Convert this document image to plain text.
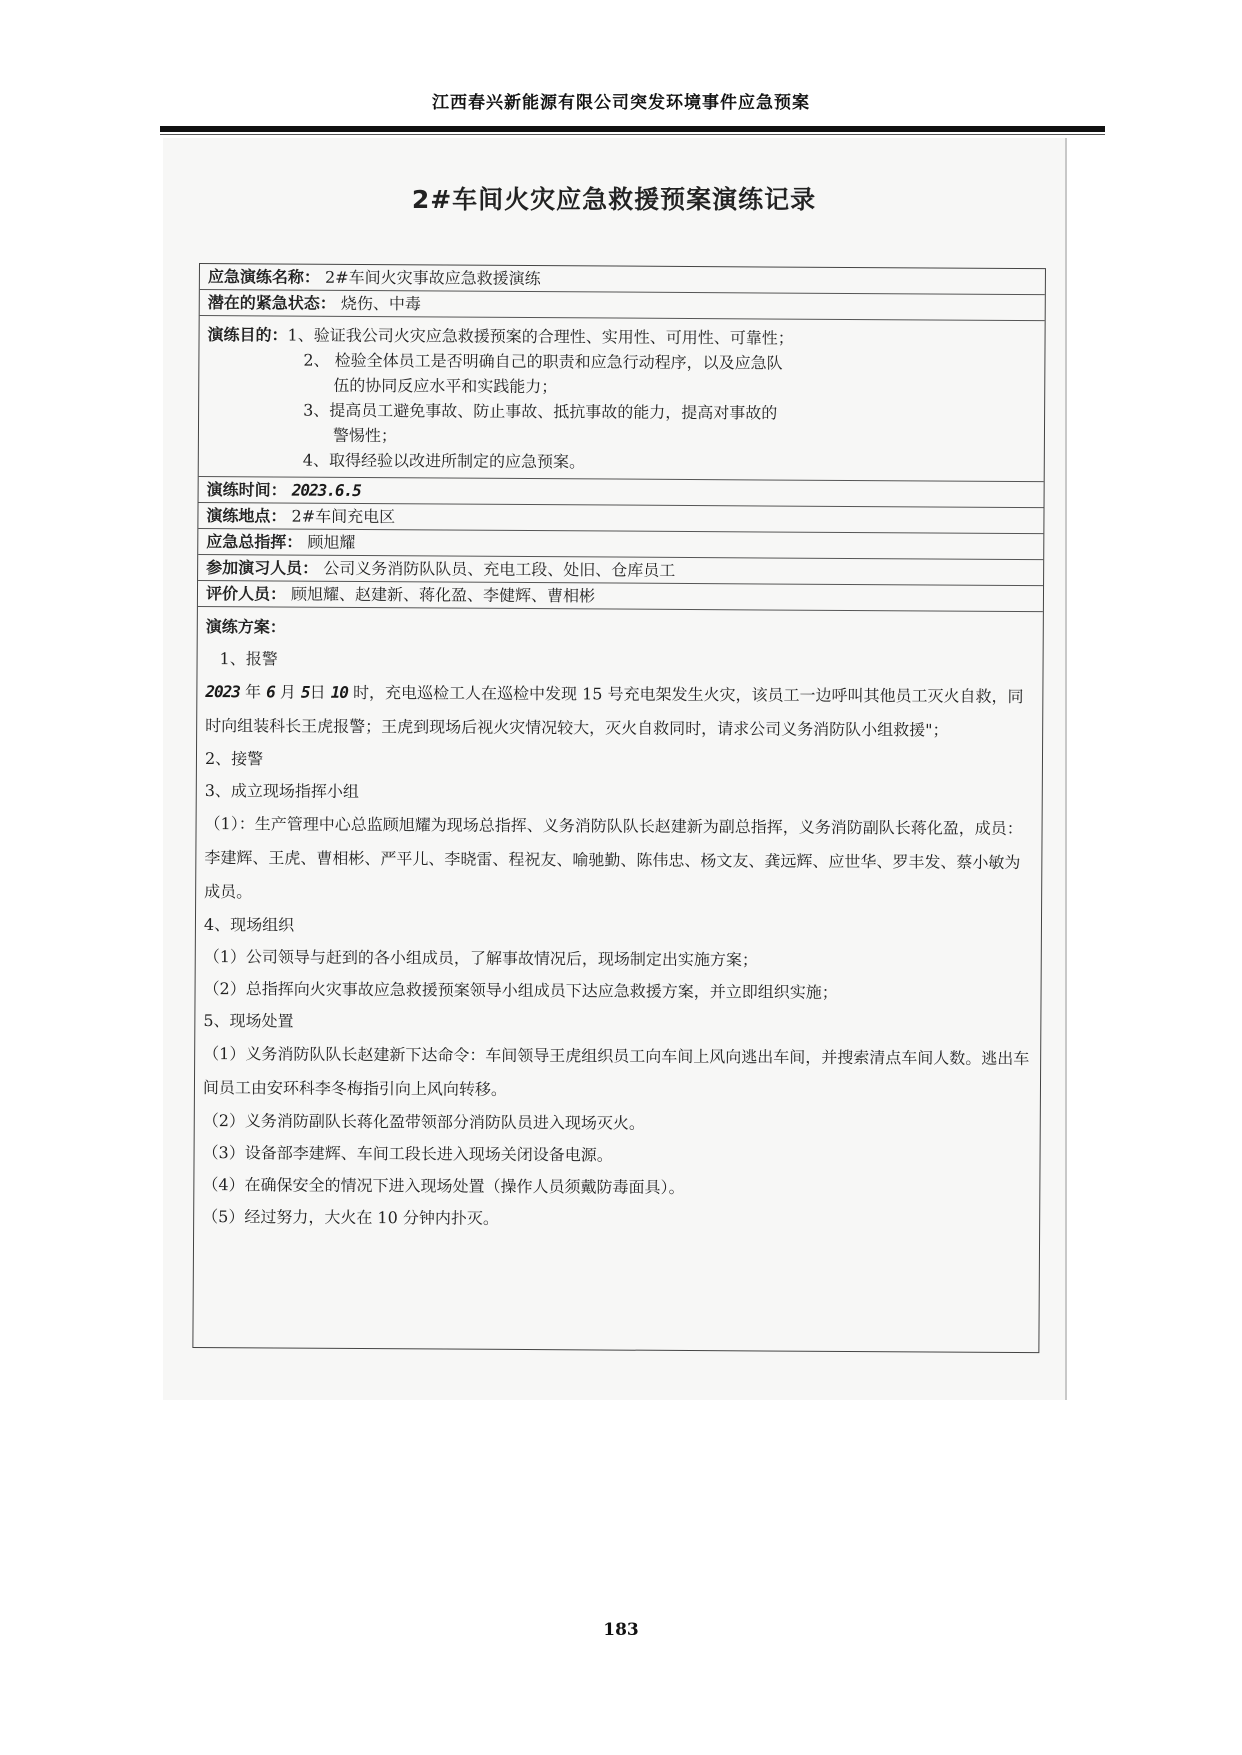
江西春兴新能源有限公司突发环境事件应急预案
2#车间火灾应急救援预案演练记录
应急演练名称： 2#车间火灾事故应急救援演练
潜在的紧急状态： 烧伤、中毒
演练目的：1、验证我公司火灾应急救援预案的合理性、实用性、可用性、可靠性；
2、 检验全体员工是否明确自己的职责和应急行动程序，以及应急队
伍的协同反应水平和实践能力；
3、提高员工避免事故、防止事故、抵抗事故的能力，提高对事故的
警惕性；
4、取得经验以改进所制定的应急预案。
演练时间： 2023.6.5
演练地点： 2#车间充电区
应急总指挥： 顾旭耀
参加演习人员： 公司义务消防队队员、充电工段、处旧、仓库员工
评价人员： 顾旭耀、赵建新、蒋化盈、李健辉、曹相彬
演练方案：
1、报警
2023 年 6 月 5日 10 时，充电巡检工人在巡检中发现 15 号充电架发生火灾，该员工一边呼叫其他员工灭火自救，同时向组装科长王虎报警；王虎到现场后视火灾情况较大，灭火自救同时，请求公司义务消防队小组救援"；
2、接警
3、成立现场指挥小组
（1）：生产管理中心总监顾旭耀为现场总指挥、义务消防队队长赵建新为副总指挥，义务消防副队长蒋化盈，成员：李建辉、王虎、曹相彬、严平儿、李晓雷、程祝友、喻驰勤、陈伟忠、杨文友、龚远辉、应世华、罗丰发、蔡小敏为成员。
4、现场组织
（1）公司领导与赶到的各小组成员，了解事故情况后，现场制定出实施方案；
（2）总指挥向火灾事故应急救援预案领导小组成员下达应急救援方案，并立即组织实施；
5、现场处置
（1）义务消防队队长赵建新下达命令：车间领导王虎组织员工向车间上风向逃出车间，并搜索清点车间人数。逃出车间员工由安环科李冬梅指引向上风向转移。
（2）义务消防副队长蒋化盈带领部分消防队员进入现场灭火。
（3）设备部李建辉、车间工段长进入现场关闭设备电源。
（4）在确保安全的情况下进入现场处置（操作人员须戴防毒面具）。
（5）经过努力，大火在 10 分钟内扑灭。
183
